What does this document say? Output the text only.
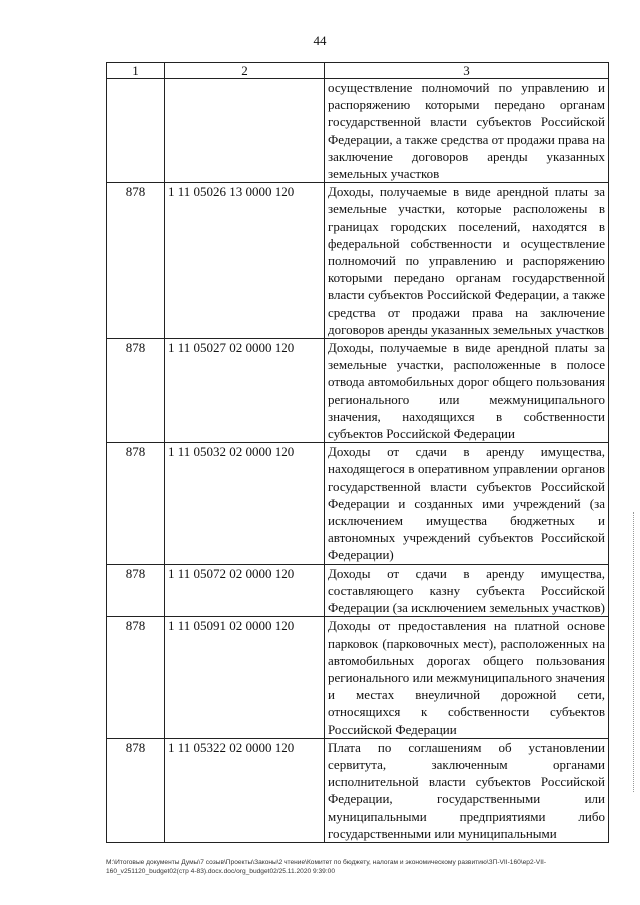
44
1	2	3
		осуществление полномочий по управлению и распоряжению которыми передано органам государственной власти субъектов Российской Федерации, а также средства от продажи права на заключение договоров аренды указанных земельных участков
878	1 11 05026 13 0000 120	Доходы, получаемые в виде арендной платы за земельные участки, которые расположены в границах городских поселений, находятся в федеральной собственности и осуществление полномочий по управлению и распоряжению которыми передано органам государственной власти субъектов Российской Федерации, а также средства от продажи права на заключение договоров аренды указанных земельных участков
878	1 11 05027 02 0000 120	Доходы, получаемые в виде арендной платы за земельные участки, расположенные в полосе отвода автомобильных дорог общего пользования регионального или межмуниципального значения, находящихся в собственности субъектов Российской Федерации
878	1 11 05032 02 0000 120	Доходы от сдачи в аренду имущества, находящегося в оперативном управлении органов государственной власти субъектов Российской Федерации и созданных ими учреждений (за исключением имущества бюджетных и автономных учреждений субъектов Российской Федерации)
878	1 11 05072 02 0000 120	Доходы от сдачи в аренду имущества, составляющего казну субъекта Российской Федерации (за исключением земельных участков)
878	1 11 05091 02 0000 120	Доходы от предоставления на платной основе парковок (парковочных мест), расположенных на автомобильных дорогах общего пользования регионального или межмуниципального значения и местах внеуличной дорожной сети, относящихся к собственности субъектов Российской Федерации
878	1 11 05322 02 0000 120	Плата по соглашениям об установлении сервитута, заключенным органами исполнительной власти субъектов Российской Федерации, государственными или муниципальными предприятиями либо государственными или муниципальными
M:\Итоговые документы Думы\7 созыв\Проекты\Законы\2 чтение\Комитет по бюджету, налогам и экономическому развитию\ЗП-VII-160\ep2-VII-160_v251120_budget02(стр 4-83).docx.doc/org_budget02/25.11.2020 9:39:00
